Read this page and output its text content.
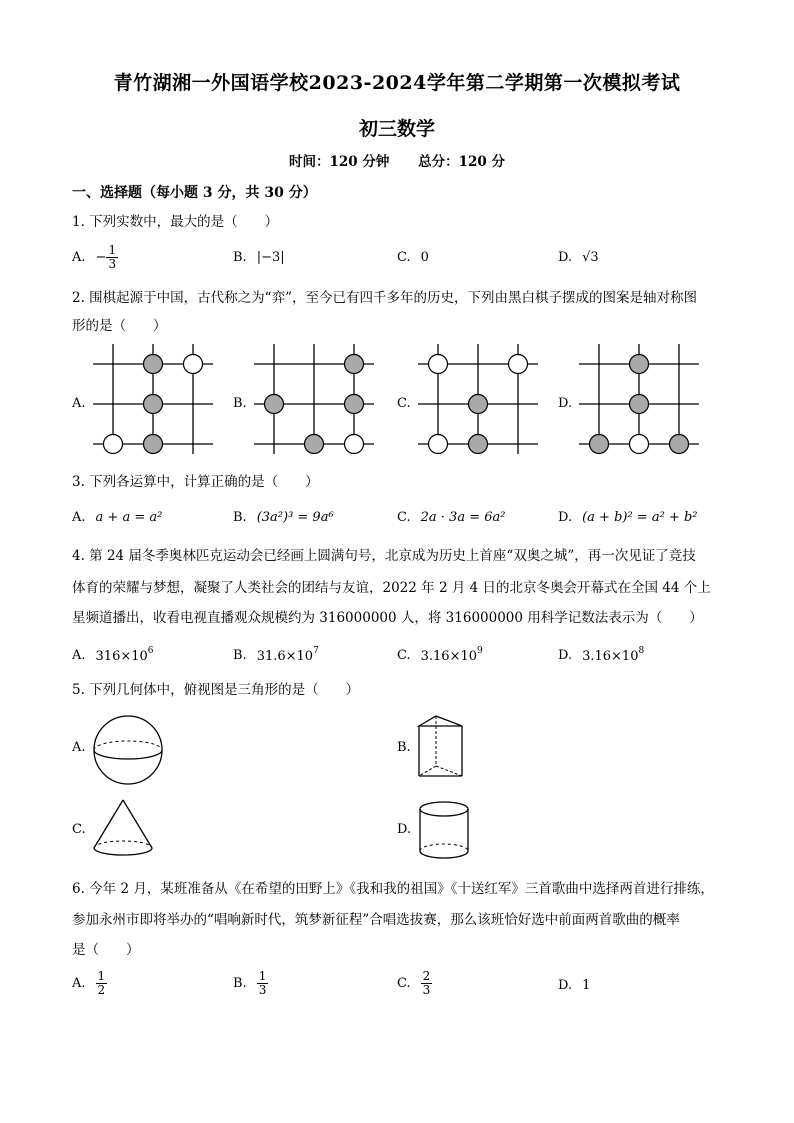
青竹湖湘一外国语学校2023-2024学年第二学期第一次模拟考试
初三数学
时间：120 分钟 总分：120 分
一、选择题（每小题 3 分，共 30 分）
1. 下列实数中，最大的是（　　）
A. − $\frac{1}{3}$	B. |−3|	C. 0	D. √3
2. 围棋起源于中国，古代称之为“弈”，至今已有四千多年的历史，下列由黑白棋子摆成的图案是轴对称图
形的是（　　）
A.	B.	C.	D.
3. 下列各运算中，计算正确的是（　　）
A. a + a = a²	B. (3a²)³ = 9a⁶	C. 2a · 3a = 6a²	D. (a + b)² = a² + b²
4. 第 24 届冬季奥林匹克运动会已经画上圆满句号，北京成为历史上首座“双奥之城”，再一次见证了竞技
体育的荣耀与梦想，凝聚了人类社会的团结与友谊，2022 年 2 月 4 日的北京冬奥会开幕式在全国 44 个上
星频道播出，收看电视直播观众规模约为 316000000 人，将 316000000 用科学记数法表示为（　　）
A. $316\times 10^6$	B. $31.6\times 10^7$	C. $3.16\times 10^9$	D. $3.16\times 10^8$
5. 下列几何体中，俯视图是三角形的是（　　）
A.	B.
C.	D.
6. 今年 2 月，某班准备从《在希望的田野上》《我和我的祖国》《十送红军》三首歌曲中选择两首进行排练，
参加永州市即将举办的“唱响新时代，筑梦新征程”合唱选拔赛，那么该班恰好选中前面两首歌曲的概率
是（　　）
A. $\frac{1}{2}$	B. $\frac{1}{3}$	C. $\frac{2}{3}$	D. 1
